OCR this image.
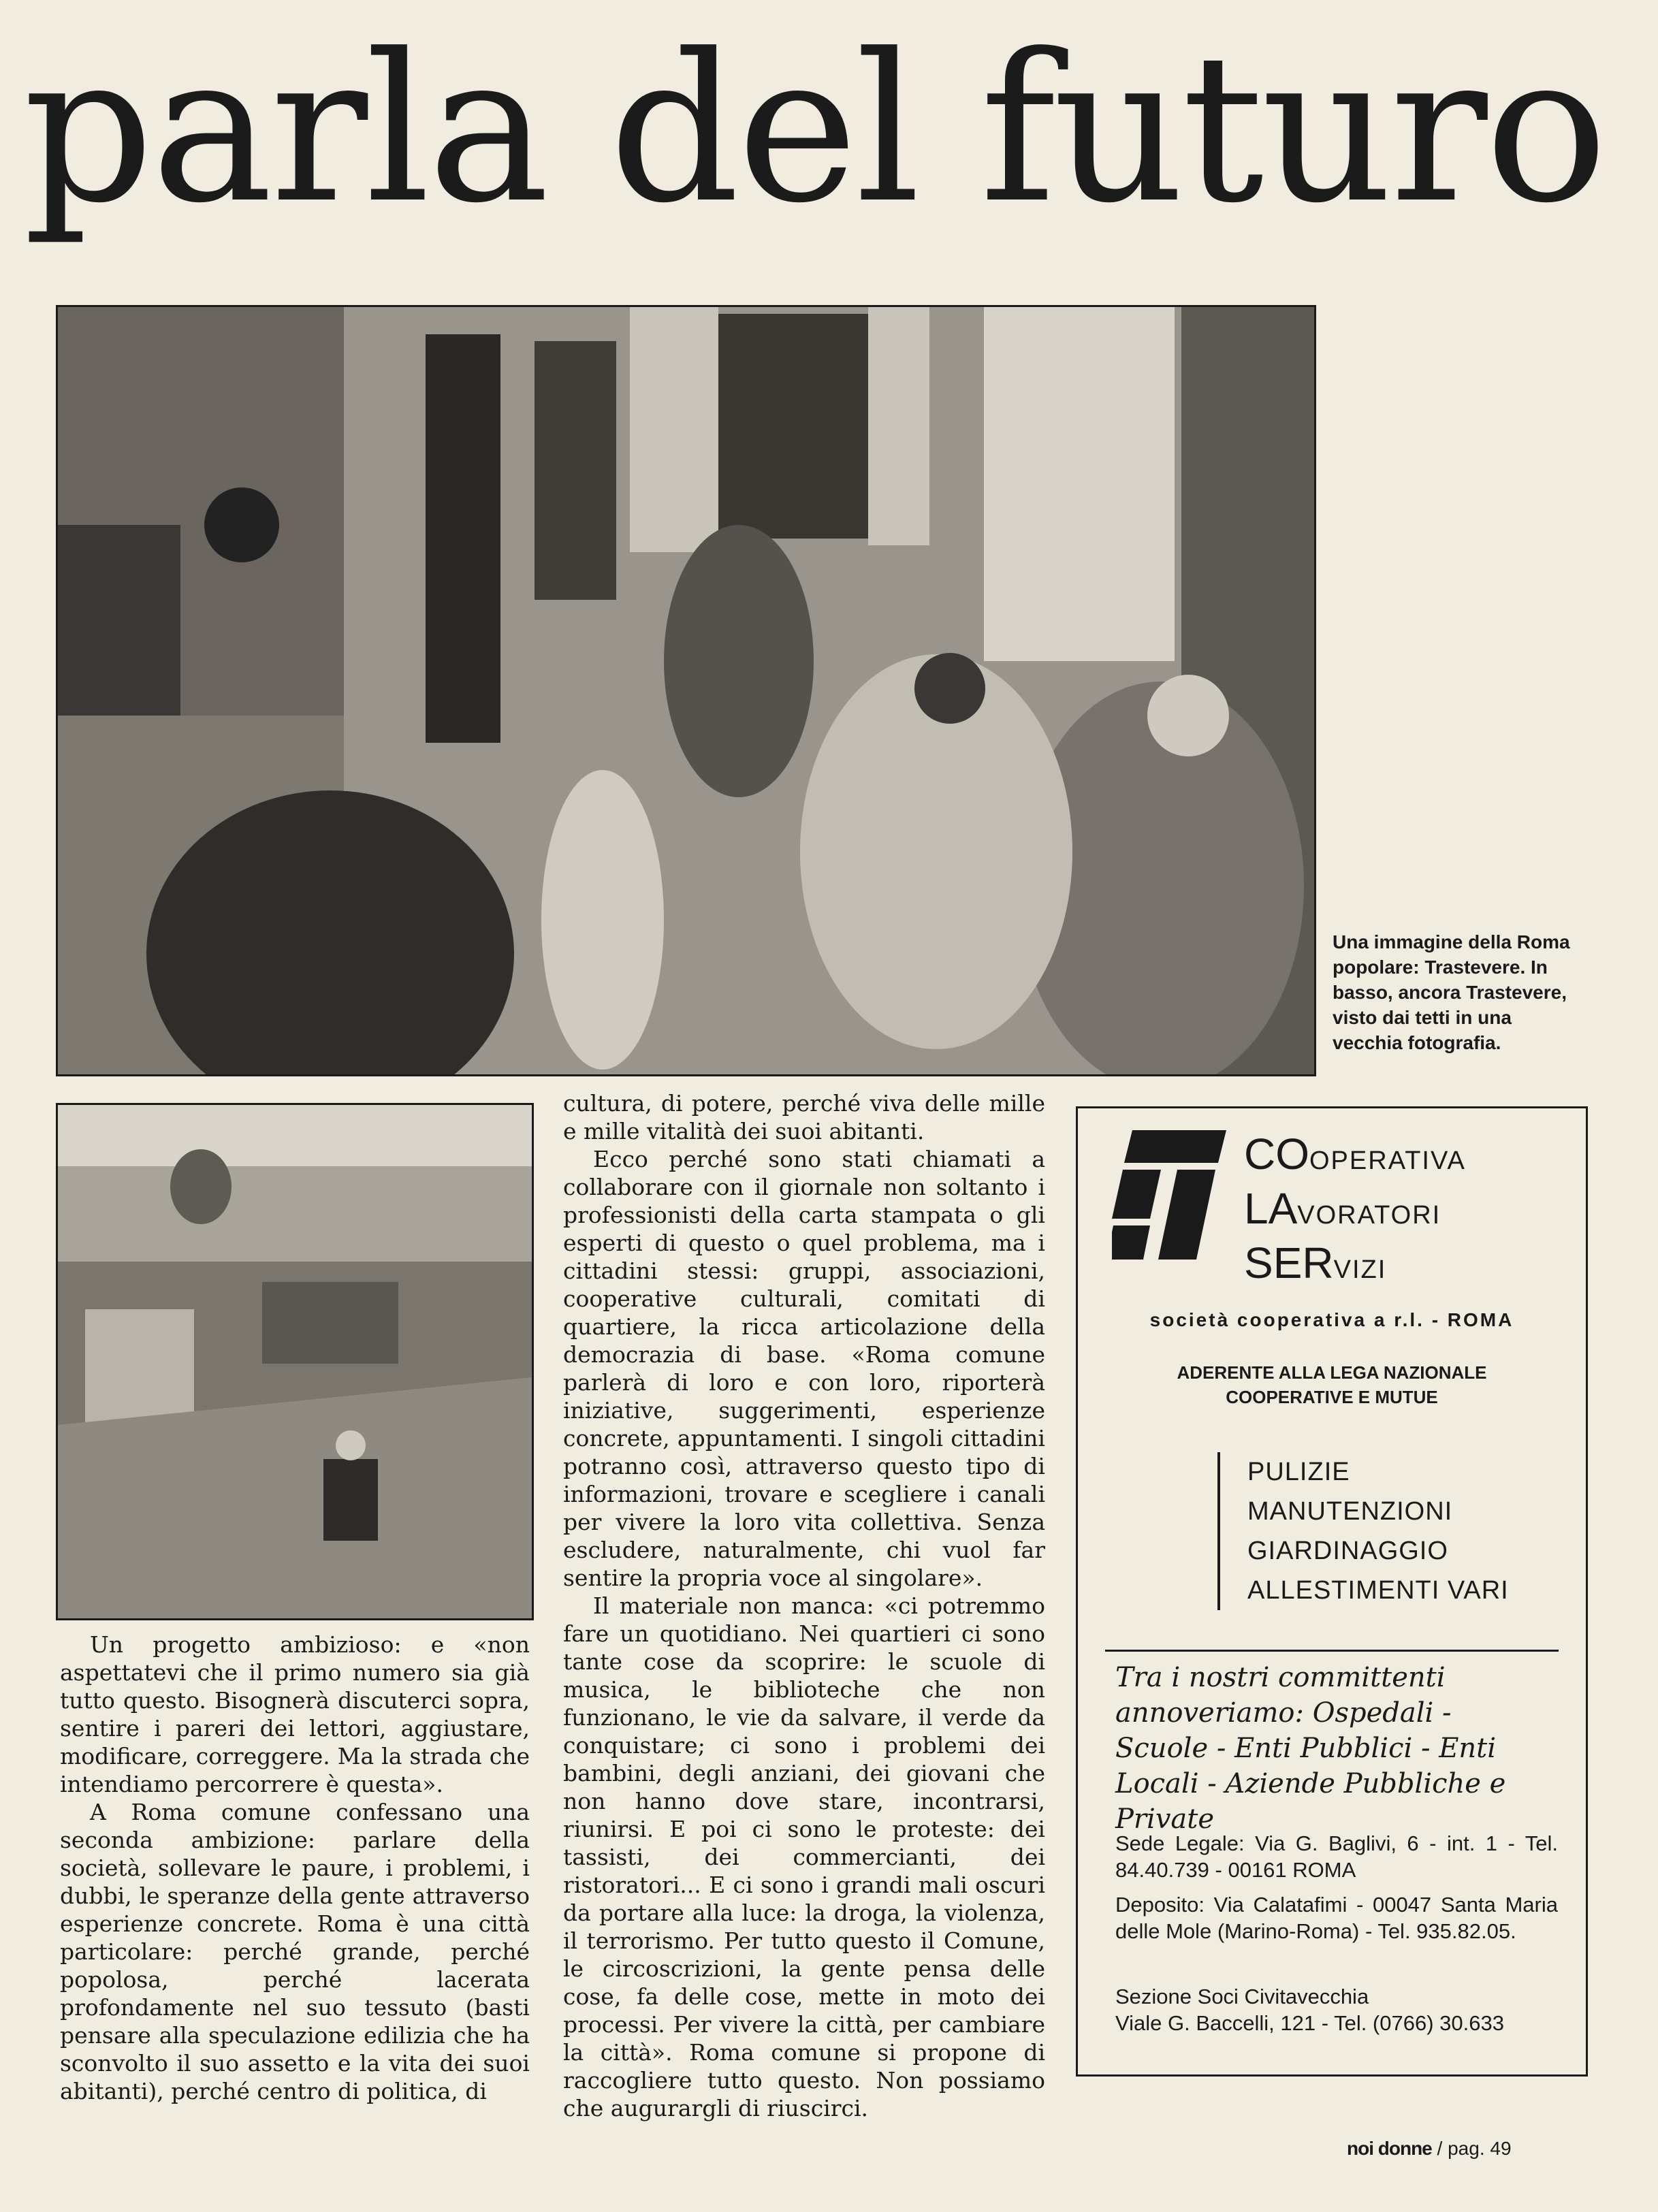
parla del futuro
Una immagine della Roma popolare: Trastevere. In basso, ancora Trastevere, visto dai tetti in una vecchia fotografia.

Un progetto ambizioso: e «non aspettatevi che il primo numero sia già tutto questo. Bisognerà discuterci sopra, sentire i pareri dei lettori, aggiustare, modificare, correggere. Ma la strada che intendiamo percorrere è questa».

A Roma comune confessano una seconda ambizione: parlare della società, sollevare le paure, i problemi, i dubbi, le speranze della gente attraverso esperienze concrete. Roma è una città particolare: perché grande, perché popolosa, perché lacerata profondamente nel suo tessuto (basti pensare alla speculazione edilizia che ha sconvolto il suo assetto e la vita dei suoi abitanti), perché centro di politica, di

cultura, di potere, perché viva delle mille e mille vitalità dei suoi abitanti.

Ecco perché sono stati chiamati a collaborare con il giornale non soltanto i professionisti della carta stampata o gli esperti di questo o quel problema, ma i cittadini stessi: gruppi, associazioni, cooperative culturali, comitati di quartiere, la ricca articolazione della democrazia di base. «Roma comune parlerà di loro e con loro, riporterà iniziative, suggerimenti, esperienze concrete, appuntamenti. I singoli cittadini potranno così, attraverso questo tipo di informazioni, trovare e scegliere i canali per vivere la loro vita collettiva. Senza escludere, naturalmente, chi vuol far sentire la propria voce al singolare».

Il materiale non manca: «ci potremmo fare un quotidiano. Nei quartieri ci sono tante cose da scoprire: le scuole di musica, le biblioteche che non funzionano, le vie da salvare, il verde da conquistare; ci sono i problemi dei bambini, degli anziani, dei giovani che non hanno dove stare, incontrarsi, riunirsi. E poi ci sono le proteste: dei tassisti, dei commercianti, dei ristoratori... E ci sono i grandi mali oscuri da portare alla luce: la droga, la violenza, il terrorismo. Per tutto questo il Comune, le circoscrizioni, la gente pensa delle cose, fa delle cose, mette in moto dei processi. Per vivere la città, per cambiare la città». Roma comune si propone di raccogliere tutto questo. Non possiamo che augurargli di riuscirci.

COOPERATIVA
LAVORATORI
SERVIZI
società cooperativa a r.l. - ROMA
ADERENTE ALLA LEGA NAZIONALE
COOPERATIVE E MUTUE
PULIZIE
MANUTENZIONI
GIARDINAGGIO
ALLESTIMENTI VARI
Tra i nostri committenti annoveriamo: Ospedali - Scuole - Enti Pubblici - Enti Locali - Aziende Pubbliche e Private
Sede Legale: Via G. Baglivi, 6 - int. 1 - Tel. 84.40.739 - 00161 ROMA
Deposito: Via Calatafimi - 00047 Santa Maria delle Mole (Marino-Roma) - Tel. 935.82.05.
Sezione Soci Civitavecchia
Viale G. Baccelli, 121 - Tel. (0766) 30.633
noi donne / pag. 49
